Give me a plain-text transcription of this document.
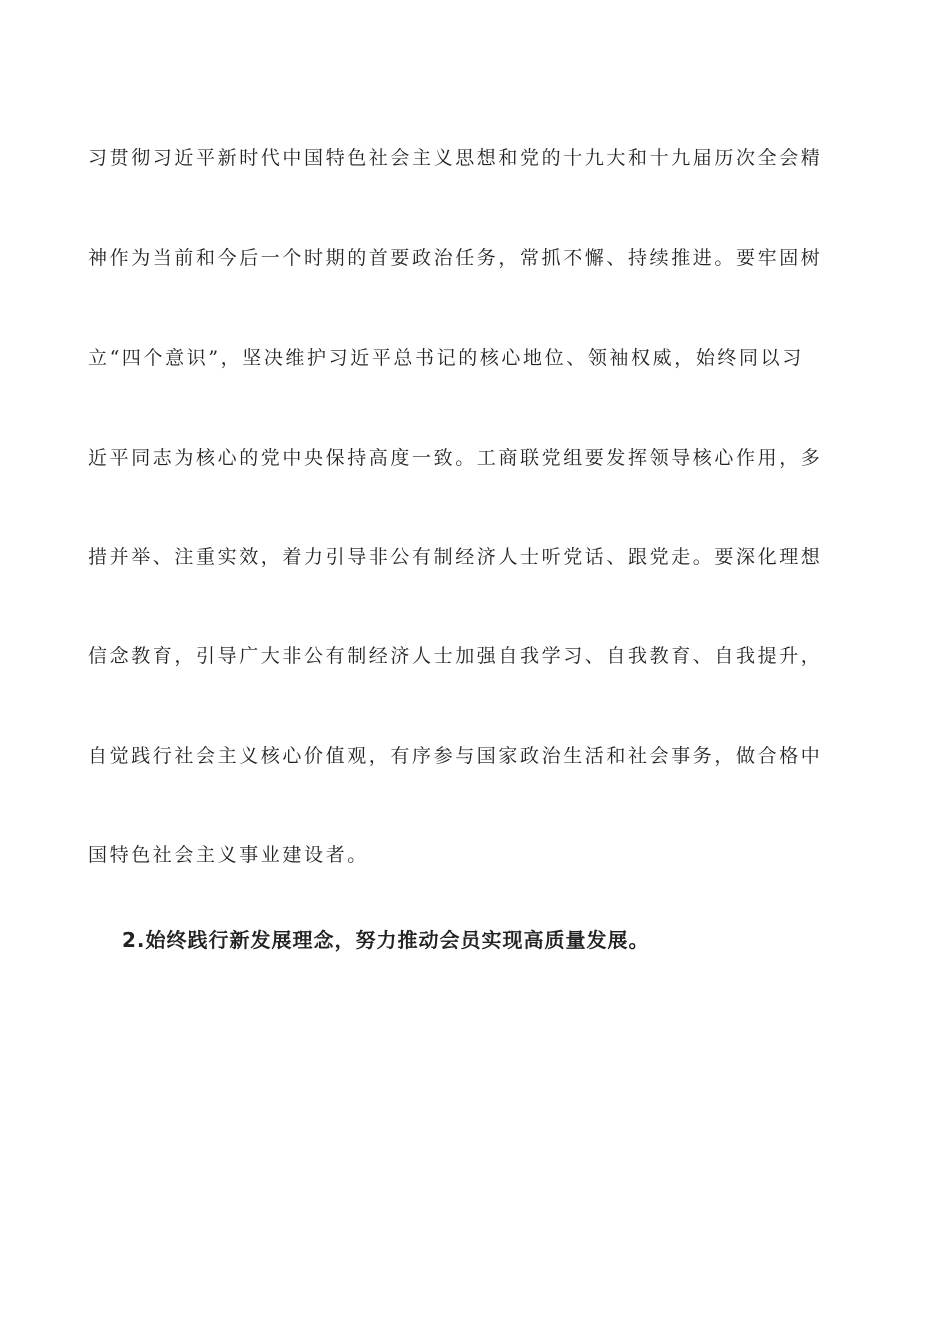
习贯彻习近平新时代中国特色社会主义思想和党的十九大和十九届历次全会精
神作为当前和今后一个时期的首要政治任务，常抓不懈、持续推进。要牢固树
立“四个意识”，坚决维护习近平总书记的核心地位、领袖权威，始终同以习
近平同志为核心的党中央保持高度一致。工商联党组要发挥领导核心作用，多
措并举、注重实效，着力引导非公有制经济人士听党话、跟党走。要深化理想
信念教育，引导广大非公有制经济人士加强自我学习、自我教育、自我提升，
自觉践行社会主义核心价值观，有序参与国家政治生活和社会事务，做合格中
国特色社会主义事业建设者。
2.始终践行新发展理念，努力推动会员实现高质量发展。
